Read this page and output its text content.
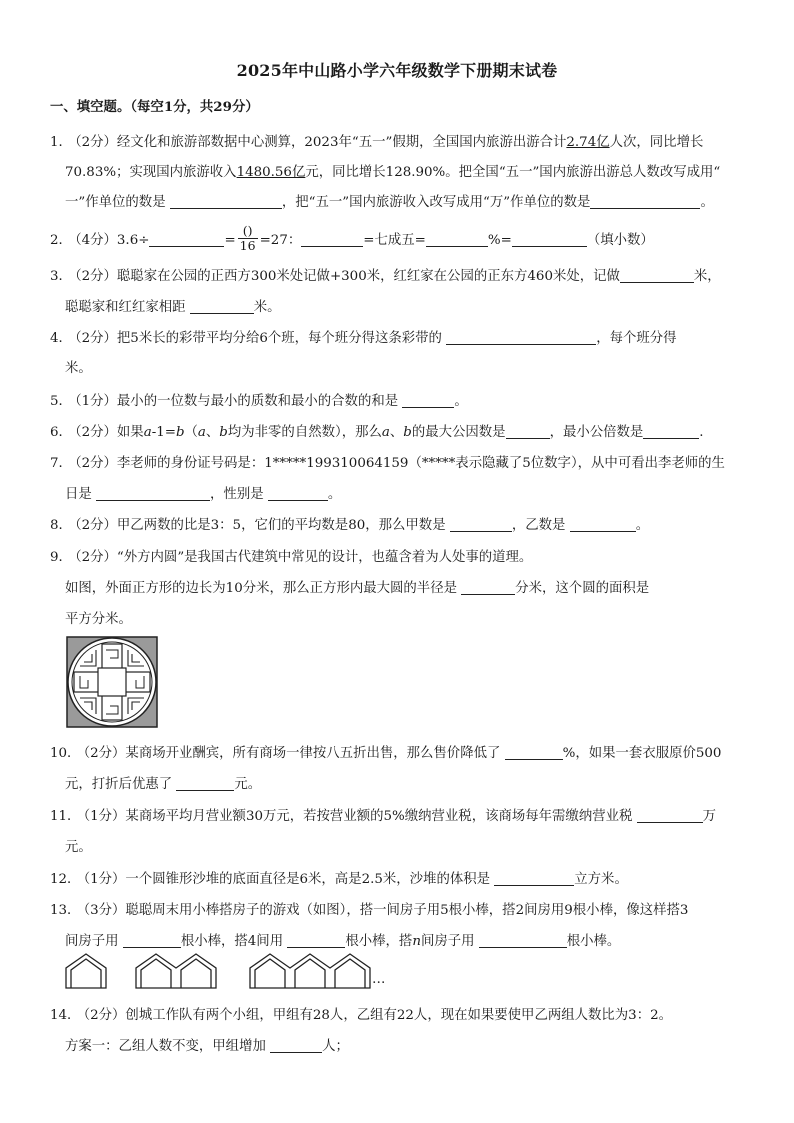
2025年中山路小学六年级数学下册期末试卷
一、填空题。（每空1分，共29分）
1． （2分）经文化和旅游部数据中心测算，2023年“五一”假期，全国国内旅游出游合计2.74亿人次，同比增长
70.83%；实现国内旅游收入1480.56亿元，同比增长128.90%。把全国“五一”国内旅游出游总人数改写成用“
一”作单位的数是	，把“五一”国内旅游收入改写成用“万”作单位的数是	。
2． （4分）3.6÷	= $\frac{()}{16} =27$：	=七成五=	%=	（填小数）
3． （2分）聪聪家在公园的正西方300米处记做+300米，红红家在公园的正东方460米处，记做	米，
聪聪家和红红家相距	米。
4． （2分）把5米长的彩带平均分给6个班，每个班分得这条彩带的	，每个班分得
米。
5． （1分）最小的一位数与最小的质数和最小的合数的和是	。
6． （2分）如果a-1=b（a、b均为非零的自然数），那么a、b的最大公因数是	，最小公倍数是	.
7． （2分）李老师的身份证号码是：1*****199310064159（*****表示隐藏了5位数字），从中可看出李老师的生
日是	，性别是	。
8． （2分）甲乙两数的比是3：5，它们的平均数是80，那么甲数是	，乙数是	。
9． （2分）“外方内圆”是我国古代建筑中常见的设计，也蕴含着为人处事的道理。
如图，外面正方形的边长为10分米，那么正方形内最大圆的半径是	分米，这个圆的面积是
平方分米。
10． （2分）某商场开业酬宾，所有商场一律按八五折出售，那么售价降低了	%，如果一套衣服原价500
元，打折后优惠了	元。
11． （1分）某商场平均月营业额30万元，若按营业额的5%缴纳营业税，该商场每年需缴纳营业税	万
元。
12． （1分）一个圆锥形沙堆的底面直径是6米，高是2.5米，沙堆的体积是	立方米。
13． （3分）聪聪周末用小棒搭房子的游戏（如图），搭一间房子用5根小棒，搭2间房用9根小棒，像这样搭3
间房子用	根小棒，搭4间用	根小棒，搭n间房子用	根小棒。
…
14． （2分）创城工作队有两个小组，甲组有28人，乙组有22人，现在如果要使甲乙两组人数比为3：2。
方案一：乙组人数不变，甲组增加	人；
